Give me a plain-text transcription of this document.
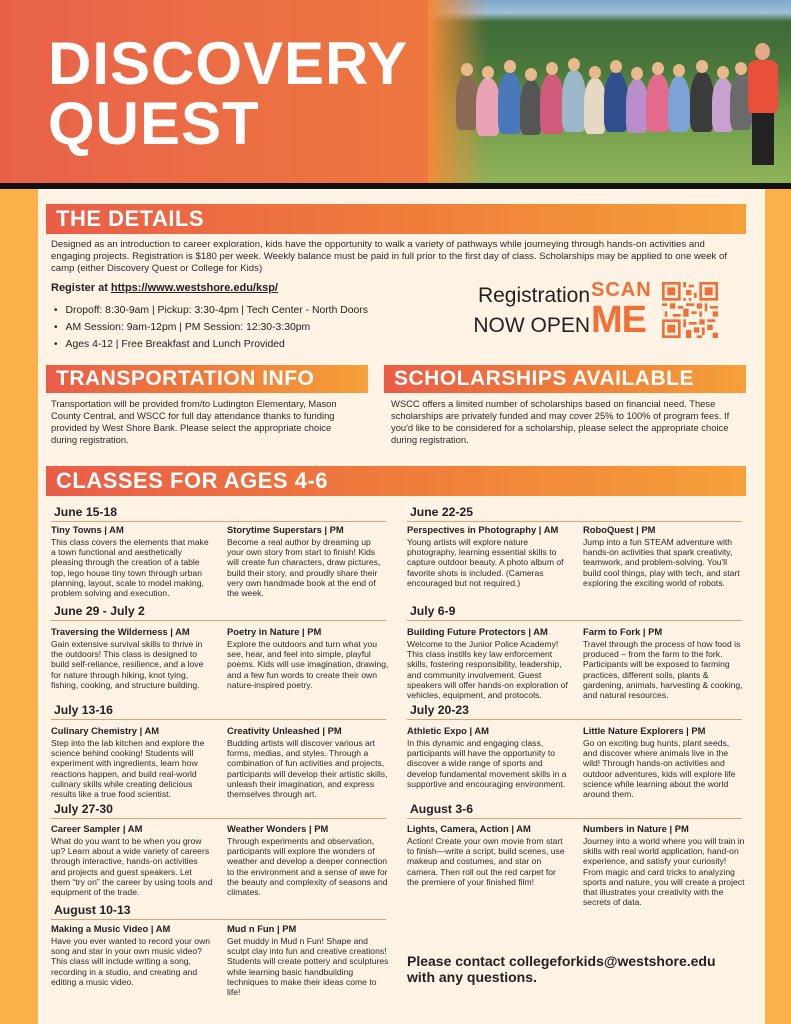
DISCOVERY
QUEST
THE DETAILS
Designed as an introduction to career exploration, kids have the opportunity to walk a variety of pathways while journeying through hands-on activities and engaging projects. Registration is $180 per week. Weekly balance must be paid in full prior to the first day of class. Scholarships may be applied to one week of camp (either Discovery Quest or College for Kids)
Register at https://www.westshore.edu/ksp/
• Dropoff: 8:30-9am | Pickup: 3:30-4pm | Tech Center - North Doors
• AM Session: 9am-12pm | PM Session: 12:30-3:30pm
• Ages 4-12 | Free Breakfast and Lunch Provided
Registration
NOW OPEN
SCAN
ME
TRANSPORTATION INFO
Transportation will be provided from/to Ludington Elementary, Mason County Central, and WSCC for full day attendance thanks to funding provided by West Shore Bank. Please select the appropriate choice during registration.
SCHOLARSHIPS AVAILABLE
WSCC offers a limited number of scholarships based on financial need. These scholarships are privately funded and may cover 25% to 100% of program fees. If you'd like to be considered for a scholarship, please select the appropriate choice during registration.
CLASSES FOR AGES 4-6
June 15-18
Tiny Towns | AM
This class covers the elements that make a town functional and aesthetically pleasing through the creation of a table top, lego house tiny town through urban planning, layout, scale to model making, problem solving and execution.
Storytime Superstars | PM
Become a real author by dreaming up your own story from start to finish! Kids will create fun characters, draw pictures, build their story, and proudly share their very own handmade book at the end of the week.
June 22-25
Perspectives in Photography | AM
Young artists will explore nature photography, learning essential skills to capture outdoor beauty. A photo album of favorite shots is included. (Cameras encouraged but not required.)
RoboQuest | PM
Jump into a fun STEAM adventure with hands-on activities that spark creativity, teamwork, and problem-solving. You'll build cool things, play with tech, and start exploring the exciting world of robots.
June 29 - July 2
Traversing the Wilderness | AM
Gain extensive survival skills to thrive in the outdoors! This class is designed to build self-reliance, resilience, and a love for nature through hiking, knot tying, fishing, cooking, and structure building.
Poetry in Nature | PM
Explore the outdoors and turn what you see, hear, and feel into simple, playful poems. Kids will use imagination, drawing, and a few fun words to create their own nature-inspired poetry.
July 6-9
Building Future Protectors | AM
Welcome to the Junior Police Academy! This class instills key law enforcement skills, fostering responsibility, leadership, and community involvement. Guest speakers will offer hands-on exploration of vehicles, equipment, and protocols.
Farm to Fork | PM
Travel through the process of how food is produced – from the farm to the fork. Participants will be exposed to farming practices, different soils, plants & gardening, animals, harvesting & cooking, and natural resources.
July 13-16
Culinary Chemistry | AM
Step into the lab kitchen and explore the science behind cooking! Students will experiment with ingredients, learn how reactions happen, and build real-world culinary skills while creating delicious results like a true food scientist.
Creativity Unleashed | PM
Budding artists will discover various art forms, medias, and styles. Through a combination of fun activities and projects, participants will develop their artistic skills, unleash their imagination, and express themselves through art.
July 20-23
Athletic Expo | AM
In this dynamic and engaging class, participants will have the opportunity to discover a wide range of sports and develop fundamental movement skills in a supportive and encouraging environment.
Little Nature Explorers | PM
Go on exciting bug hunts, plant seeds, and discover where animals live in the wild! Through hands-on activities and outdoor adventures, kids will explore life science while learning about the world around them.
July 27-30
Career Sampler | AM
What do you want to be when you grow up? Learn about a wide variety of careers through interactive, hands-on activities and projects and guest speakers. Let them “try on” the career by using tools and equipment of the trade.
Weather Wonders | PM
Through experiments and observation, participants will explore the wonders of weather and develop a deeper connection to the environment and a sense of awe for the beauty and complexity of seasons and climates.
August 3-6
Lights, Camera, Action | AM
Action! Create your own movie from start to finish—write a script, build scenes, use makeup and costumes, and star on camera. Then roll out the red carpet for the premiere of your finished film!
Numbers in Nature | PM
Journey into a world where you will train in skills with real world application, hand-on experience, and satisfy your curiosity! From magic and card tricks to analyzing sports and nature, you will create a project that illustrates your creativity with the secrets of data.
August 10-13
Making a Music Video | AM
Have you ever wanted to record your own song and star in your own music video? This class will include writing a song, recording in a studio, and creating and editing a music video.
Mud n Fun | PM
Get muddy in Mud n Fun! Shape and sculpt clay into fun and creative creations! Students will create pottery and sculptures while learning basic handbuilding techniques to make their ideas come to life!
Please contact collegeforkids@westshore.edu with any questions.
